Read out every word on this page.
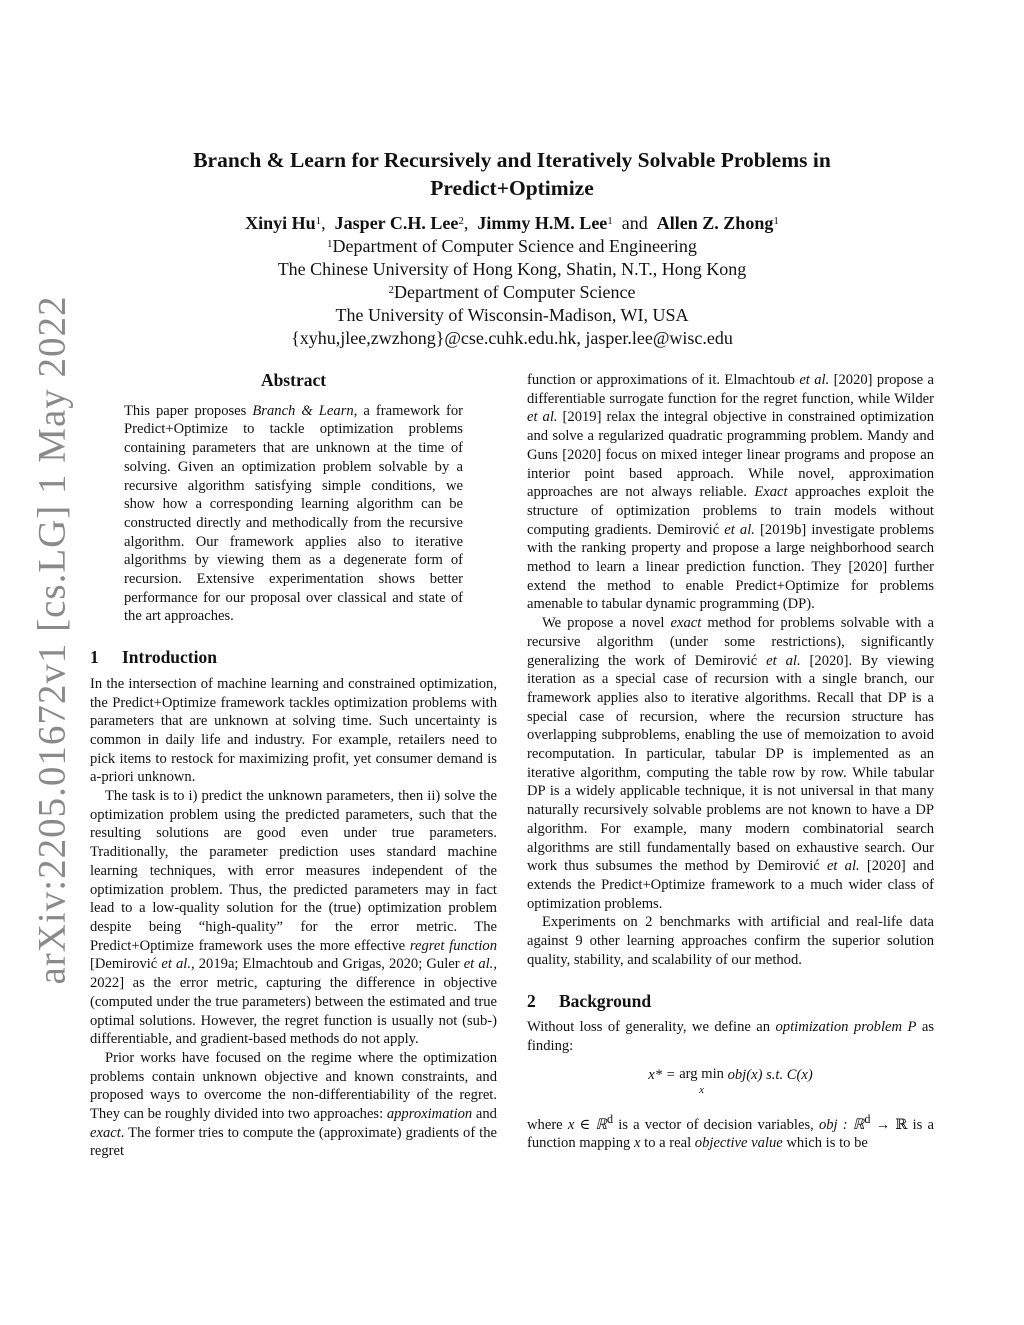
arXiv:2205.01672v1 [cs.LG] 1 May 2022

Branch & Learn for Recursively and Iteratively Solvable Problems in
Predict+Optimize

Xinyi Hu$^1$, Jasper C.H. Lee$^2$, Jimmy H.M. Lee$^1$ and Allen Z. Zhong$^1$
$^1$Department of Computer Science and Engineering
The Chinese University of Hong Kong, Shatin, N.T., Hong Kong
$^2$Department of Computer Science
The University of Wisconsin-Madison, WI, USA
{xyhu,jlee,zwzhong}@cse.cuhk.edu.hk, jasper.lee@wisc.edu

Abstract

This paper proposes Branch & Learn, a framework for Predict+Optimize to tackle optimization problems containing parameters that are unknown at the time of solving. Given an optimization problem solvable by a recursive algorithm satisfying simple conditions, we show how a corresponding learning algorithm can be constructed directly and methodically from the recursive algorithm. Our framework applies also to iterative algorithms by viewing them as a degenerate form of recursion. Extensive experimentation shows better performance for our proposal over classical and state of the art approaches.

1 Introduction

In the intersection of machine learning and constrained optimization, the Predict+Optimize framework tackles optimization problems with parameters that are unknown at solving time. Such uncertainty is common in daily life and industry. For example, retailers need to pick items to restock for maximizing profit, yet consumer demand is a-priori unknown.

The task is to i) predict the unknown parameters, then ii) solve the optimization problem using the predicted parameters, such that the resulting solutions are good even under true parameters. Traditionally, the parameter prediction uses standard machine learning techniques, with error measures independent of the optimization problem. Thus, the predicted parameters may in fact lead to a low-quality solution for the (true) optimization problem despite being “high-quality” for the error metric. The Predict+Optimize framework uses the more effective regret function [Demirović et al., 2019a; Elmachtoub and Grigas, 2020; Guler et al., 2022] as the error metric, capturing the difference in objective (computed under the true parameters) between the estimated and true optimal solutions. However, the regret function is usually not (sub-) differentiable, and gradient-based methods do not apply.

Prior works have focused on the regime where the optimization problems contain unknown objective and known constraints, and proposed ways to overcome the non-differentiability of the regret. They can be roughly divided into two approaches: approximation and exact. The former tries to compute the (approximate) gradients of the regret

function or approximations of it. Elmachtoub et al. [2020] propose a differentiable surrogate function for the regret function, while Wilder et al. [2019] relax the integral objective in constrained optimization and solve a regularized quadratic programming problem. Mandy and Guns [2020] focus on mixed integer linear programs and propose an interior point based approach. While novel, approximation approaches are not always reliable. Exact approaches exploit the structure of optimization problems to train models without computing gradients. Demirović et al. [2019b] investigate problems with the ranking property and propose a large neighborhood search method to learn a linear prediction function. They [2020] further extend the method to enable Predict+Optimize for problems amenable to tabular dynamic programming (DP).

We propose a novel exact method for problems solvable with a recursive algorithm (under some restrictions), significantly generalizing the work of Demirović et al. [2020]. By viewing iteration as a special case of recursion with a single branch, our framework applies also to iterative algorithms. Recall that DP is a special case of recursion, where the recursion structure has overlapping subproblems, enabling the use of memoization to avoid recomputation. In particular, tabular DP is implemented as an iterative algorithm, computing the table row by row. While tabular DP is a widely applicable technique, it is not universal in that many naturally recursively solvable problems are not known to have a DP algorithm. For example, many modern combinatorial search algorithms are still fundamentally based on exhaustive search. Our work thus subsumes the method by Demirović et al. [2020] and extends the Predict+Optimize framework to a much wider class of optimization problems.

Experiments on 2 benchmarks with artificial and real-life data against 9 other learning approaches confirm the superior solution quality, stability, and scalability of our method.

2 Background

Without loss of generality, we define an optimization problem P as finding:

x* = arg min
x
obj(x) s.t. C(x)

where x ∈ ℝ$^d$ is a vector of decision variables, obj : ℝ$^d$ → ℝ is a function mapping x to a real objective value which is to be
